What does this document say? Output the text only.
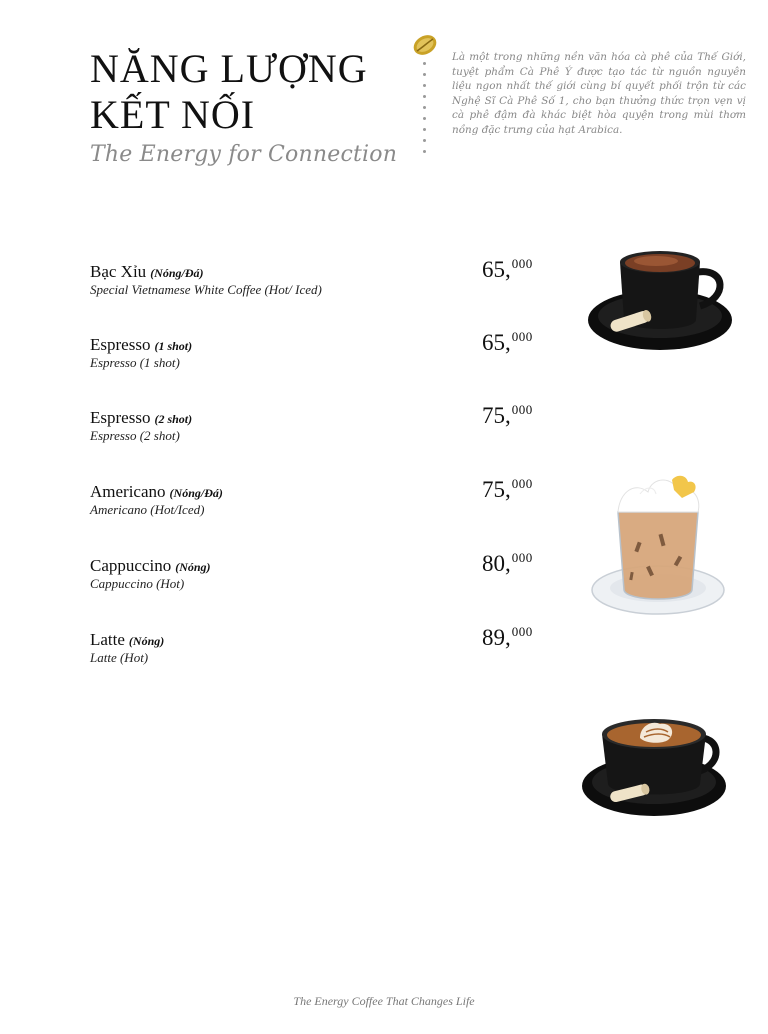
NĂNG LƯỢNG
KẾT NỐI
The Energy for Connection
Là một trong những nền văn hóa cà phê của Thế Giới, tuyệt phẩm Cà Phê Ý được tạo tác từ nguồn nguyên liệu ngon nhất thế giới cùng bí quyết phối trộn từ các Nghệ Sĩ Cà Phê Số 1, cho bạn thưởng thức trọn vẹn vị cà phê đậm đà khác biệt hòa quyện trong mùi thơm nồng đặc trưng của hạt Arabica.
Bạc Xỉu (Nóng/Đá)
Special Vietnamese White Coffee (Hot/ Iced)
65,$^{000}$
Espresso (1 shot)
Espresso (1 shot)
65,$^{000}$
Espresso (2 shot)
Espresso (2 shot)
75,$^{000}$
Americano (Nóng/Đá)
Americano (Hot/Iced)
75,$^{000}$
Cappuccino (Nóng)
Cappuccino (Hot)
80,$^{000}$
Latte (Nóng)
Latte (Hot)
89,$^{000}$
The Energy Coffee That Changes Life
